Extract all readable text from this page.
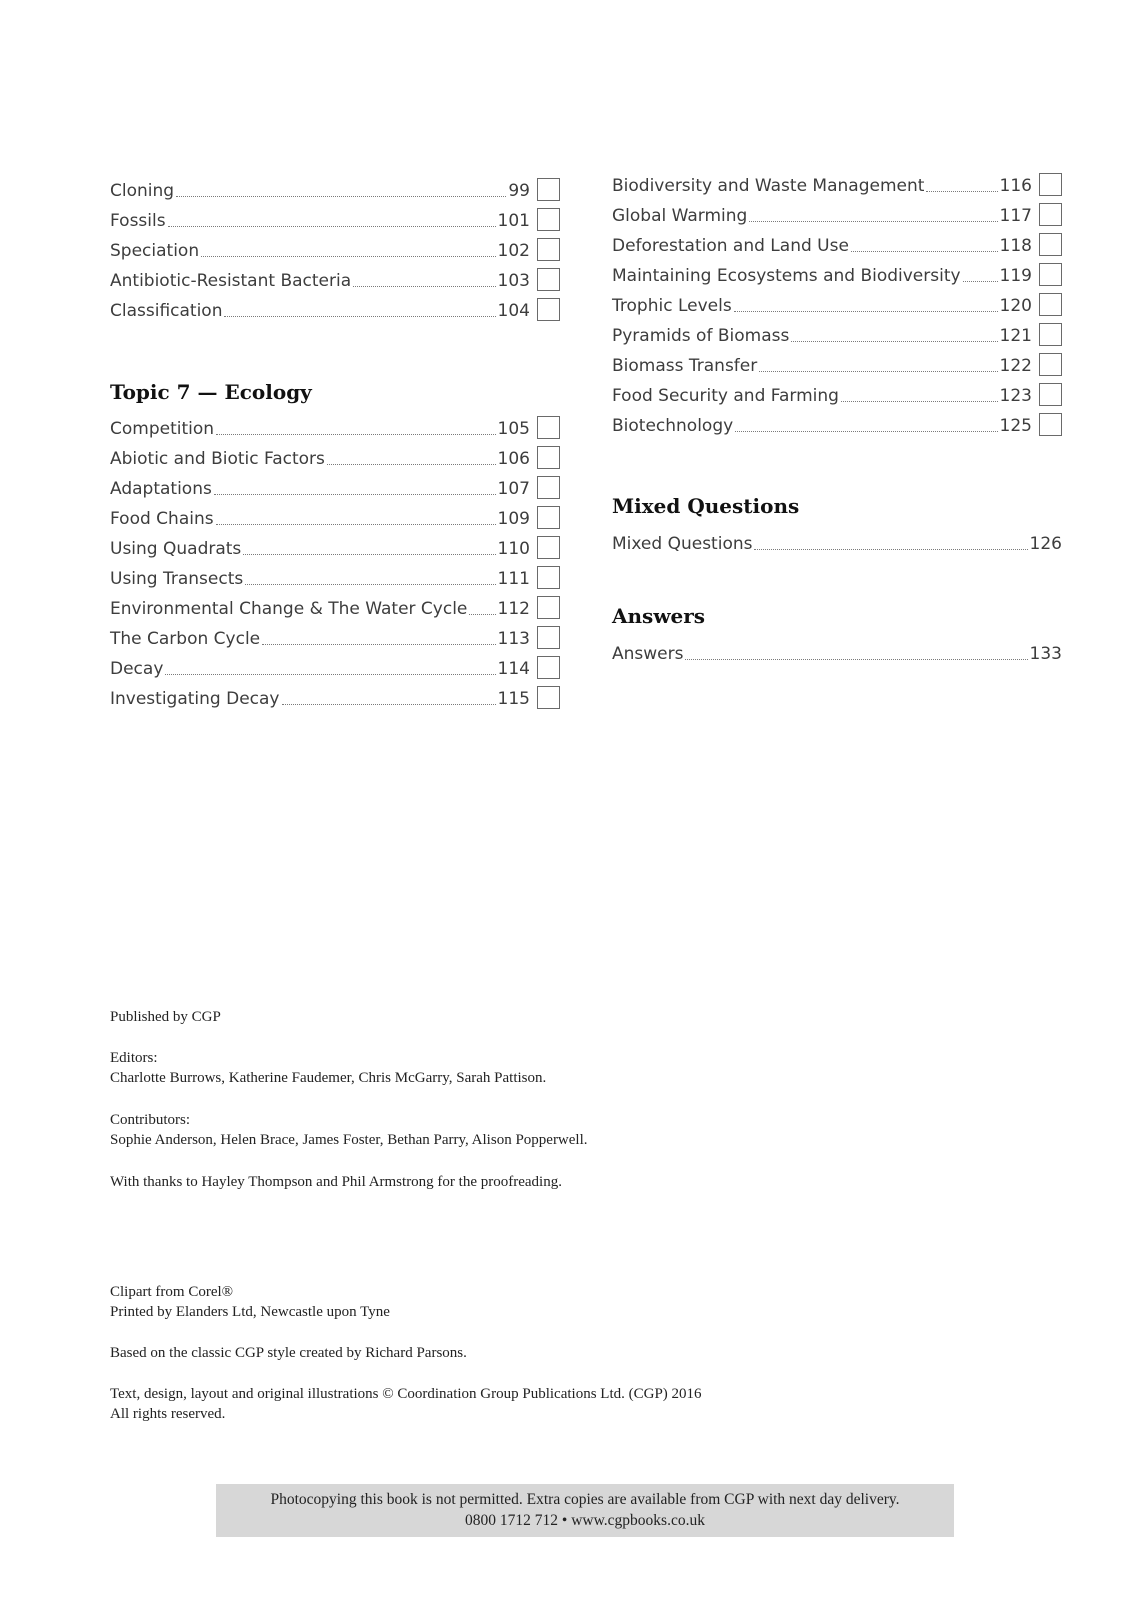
Cloning	99
Fossils	101
Speciation	102
Antibiotic-Resistant Bacteria	103
Classification	104
Topic 7 — Ecology
Competition	105
Abiotic and Biotic Factors	106
Adaptations	107
Food Chains	109
Using Quadrats	110
Using Transects	111
Environmental Change & The Water Cycle 112
The Carbon Cycle	113
Decay	114
Investigating Decay	115
Biodiversity and Waste Management	116
Global Warming	117
Deforestation and Land Use	118
Maintaining Ecosystems and Biodiversity 119
Trophic Levels	120
Pyramids of Biomass	121
Biomass Transfer	122
Food Security and Farming	123
Biotechnology	125
Mixed Questions
Mixed Questions	126
Answers
Answers	133
Published by CGP
Editors:
Charlotte Burrows, Katherine Faudemer, Chris McGarry, Sarah Pattison.
Contributors:
Sophie Anderson, Helen Brace, James Foster, Bethan Parry, Alison Popperwell.
With thanks to Hayley Thompson and Phil Armstrong for the proofreading.
Clipart from Corel®
Printed by Elanders Ltd, Newcastle upon Tyne
Based on the classic CGP style created by Richard Parsons.
Text, design, layout and original illustrations © Coordination Group Publications Ltd. (CGP) 2016
All rights reserved.
Photocopying this book is not permitted. Extra copies are available from CGP with next day delivery.
0800 1712 712 • www.cgpbooks.co.uk
